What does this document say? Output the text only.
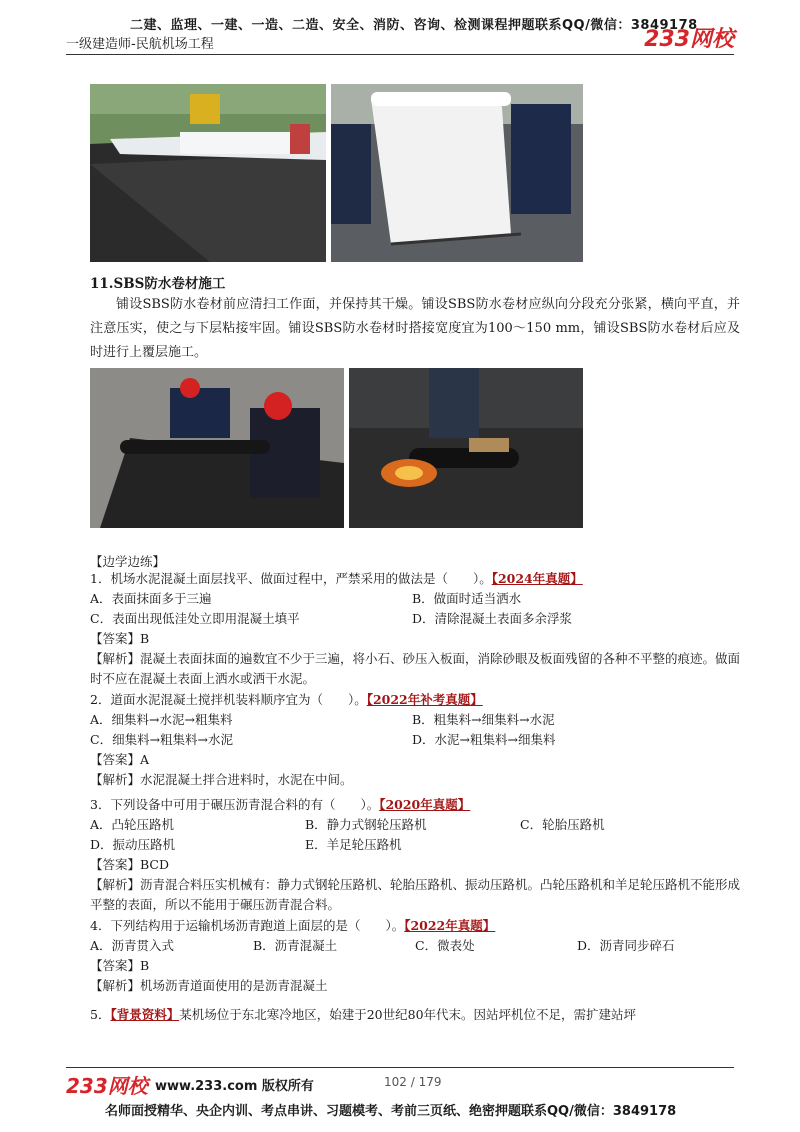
二建、监理、一建、一造、二造、安全、消防、咨询、检测课程押题联系QQ/微信：3849178
一级建造师-民航机场工程	233网校
11.SBS防水卷材施工
铺设SBS防水卷材前应清扫工作面，并保持其干燥。铺设SBS防水卷材应纵向分段充分张紧，横向平直，并注意压实，使之与下层粘接牢固。铺设SBS防水卷材时搭接宽度宜为100～150 mm，铺设SBS防水卷材后应及时进行上覆层施工。
【边学边练】
1．机场水泥混凝土面层找平、做面过程中，严禁采用的做法是（　　）。【2024年真题】
A．表面抹面多于三遍	B．做面时适当洒水
C．表面出现低洼处立即用混凝土填平	D．清除混凝土表面多余浮浆
【答案】B
【解析】混凝土表面抹面的遍数宜不少于三遍，将小石、砂压入板面，消除砂眼及板面残留的各种不平整的痕迹。做面时不应在混凝土表面上洒水或洒干水泥。
2．道面水泥混凝土搅拌机装料顺序宜为（　　）。【2022年补考真题】
A．细集料→水泥→粗集料	B．粗集料→细集料→水泥
C．细集料→粗集料→水泥	D．水泥→粗集料→细集料
【答案】A
【解析】水泥混凝土拌合进料时，水泥在中间。
3．下列设备中可用于碾压沥青混合料的有（　　）。【2020年真题】
A．凸轮压路机	B．静力式钢轮压路机	C．轮胎压路机
D．振动压路机	E．羊足轮压路机
【答案】BCD
【解析】沥青混合料压实机械有：静力式钢轮压路机、轮胎压路机、振动压路机。凸轮压路机和羊足轮压路机不能形成平整的表面，所以不能用于碾压沥青混合料。
4．下列结构用于运输机场沥青跑道上面层的是（　　）。【2022年真题】
A．沥青贯入式	B．沥青混凝土	C．微表处	D．沥青同步碎石
【答案】B
【解析】机场沥青道面使用的是沥青混凝土
5．【背景资料】某机场位于东北寒冷地区，始建于20世纪80年代末。因站坪机位不足，需扩建站坪
233网校 www.233.com 版权所有	102 / 179
名师面授精华、央企内训、考点串讲、习题模考、考前三页纸、绝密押题联系QQ/微信：3849178
